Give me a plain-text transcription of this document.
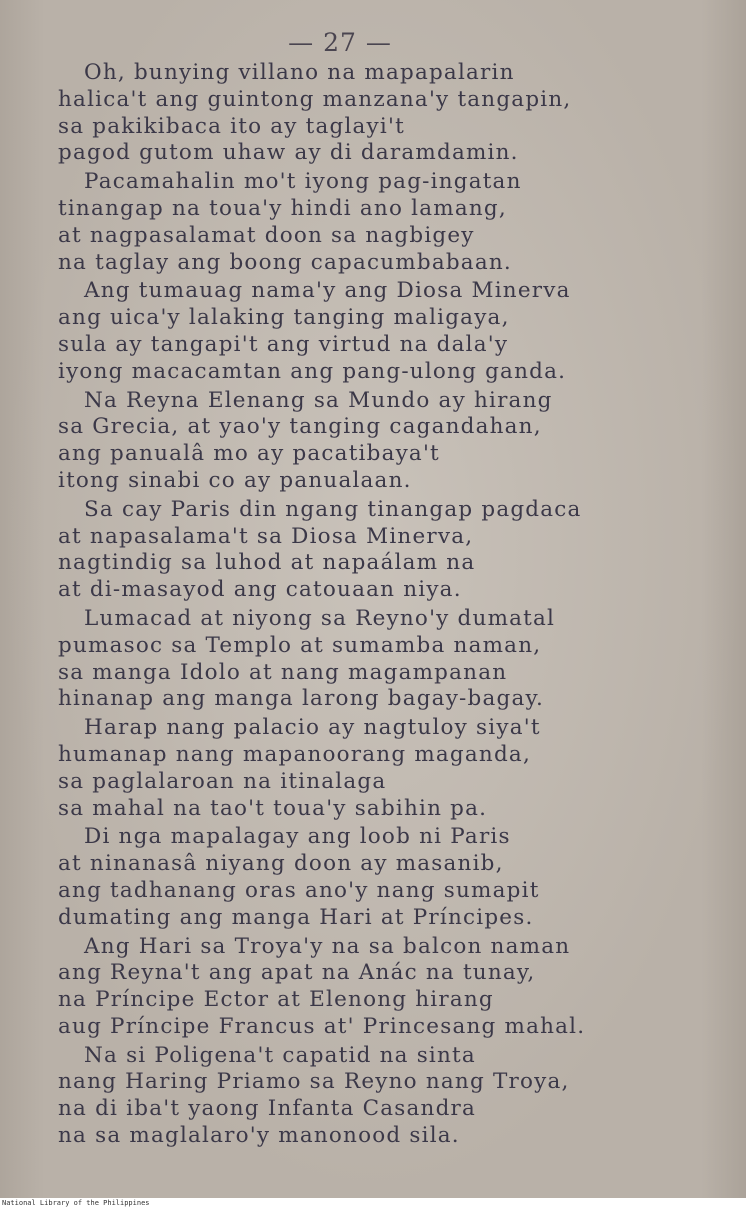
— 27 —
Oh, bunying villano na mapapalarin
halica't ang guintong manzana'y tangapin,
sa pakikibaca ito ay taglayi't
pagod gutom uhaw ay di daramdamin.
Pacamahalin mo't iyong pag-ingatan
tinangap na toua'y hindi ano lamang,
at nagpasalamat doon sa nagbigey
na taglay ang boong capacumbabaan.
Ang tumauag nama'y ang Diosa Minerva
ang uica'y lalaking tanging maligaya,
sula ay tangapi't ang virtud na dala'y
iyong macacamtan ang pang-ulong ganda.
Na Reyna Elenang sa Mundo ay hirang
sa Grecia, at yao'y tanging cagandahan,
ang panualâ mo ay pacatibaya't
itong sinabi co ay panualaan.
Sa cay Paris din ngang tinangap pagdaca
at napasalama't sa Diosa Minerva,
nagtindig sa luhod at napaálam na
at di-masayod ang catouaan niya.
Lumacad at niyong sa Reyno'y dumatal
pumasoc sa Templo at sumamba naman,
sa manga Idolo at nang magampanan
hinanap ang manga larong bagay-bagay.
Harap nang palacio ay nagtuloy siya't
humanap nang mapanoorang maganda,
sa paglalaroan na itinalaga
sa mahal na tao't toua'y sabihin pa.
Di nga mapalagay ang loob ni Paris
at ninanasâ niyang doon ay masanib,
ang tadhanang oras ano'y nang sumapit
dumating ang manga Hari at Príncipes.
Ang Hari sa Troya'y na sa balcon naman
ang Reyna't ang apat na Anác na tunay,
na Príncipe Ector at Elenong hirang
aug Príncipe Francus at' Princesang mahal.
Na si Poligena't capatid na sinta
nang Haring Priamo sa Reyno nang Troya,
na di iba't yaong Infanta Casandra
na sa maglalaro'y manonood sila.
National Library of the Philippines
